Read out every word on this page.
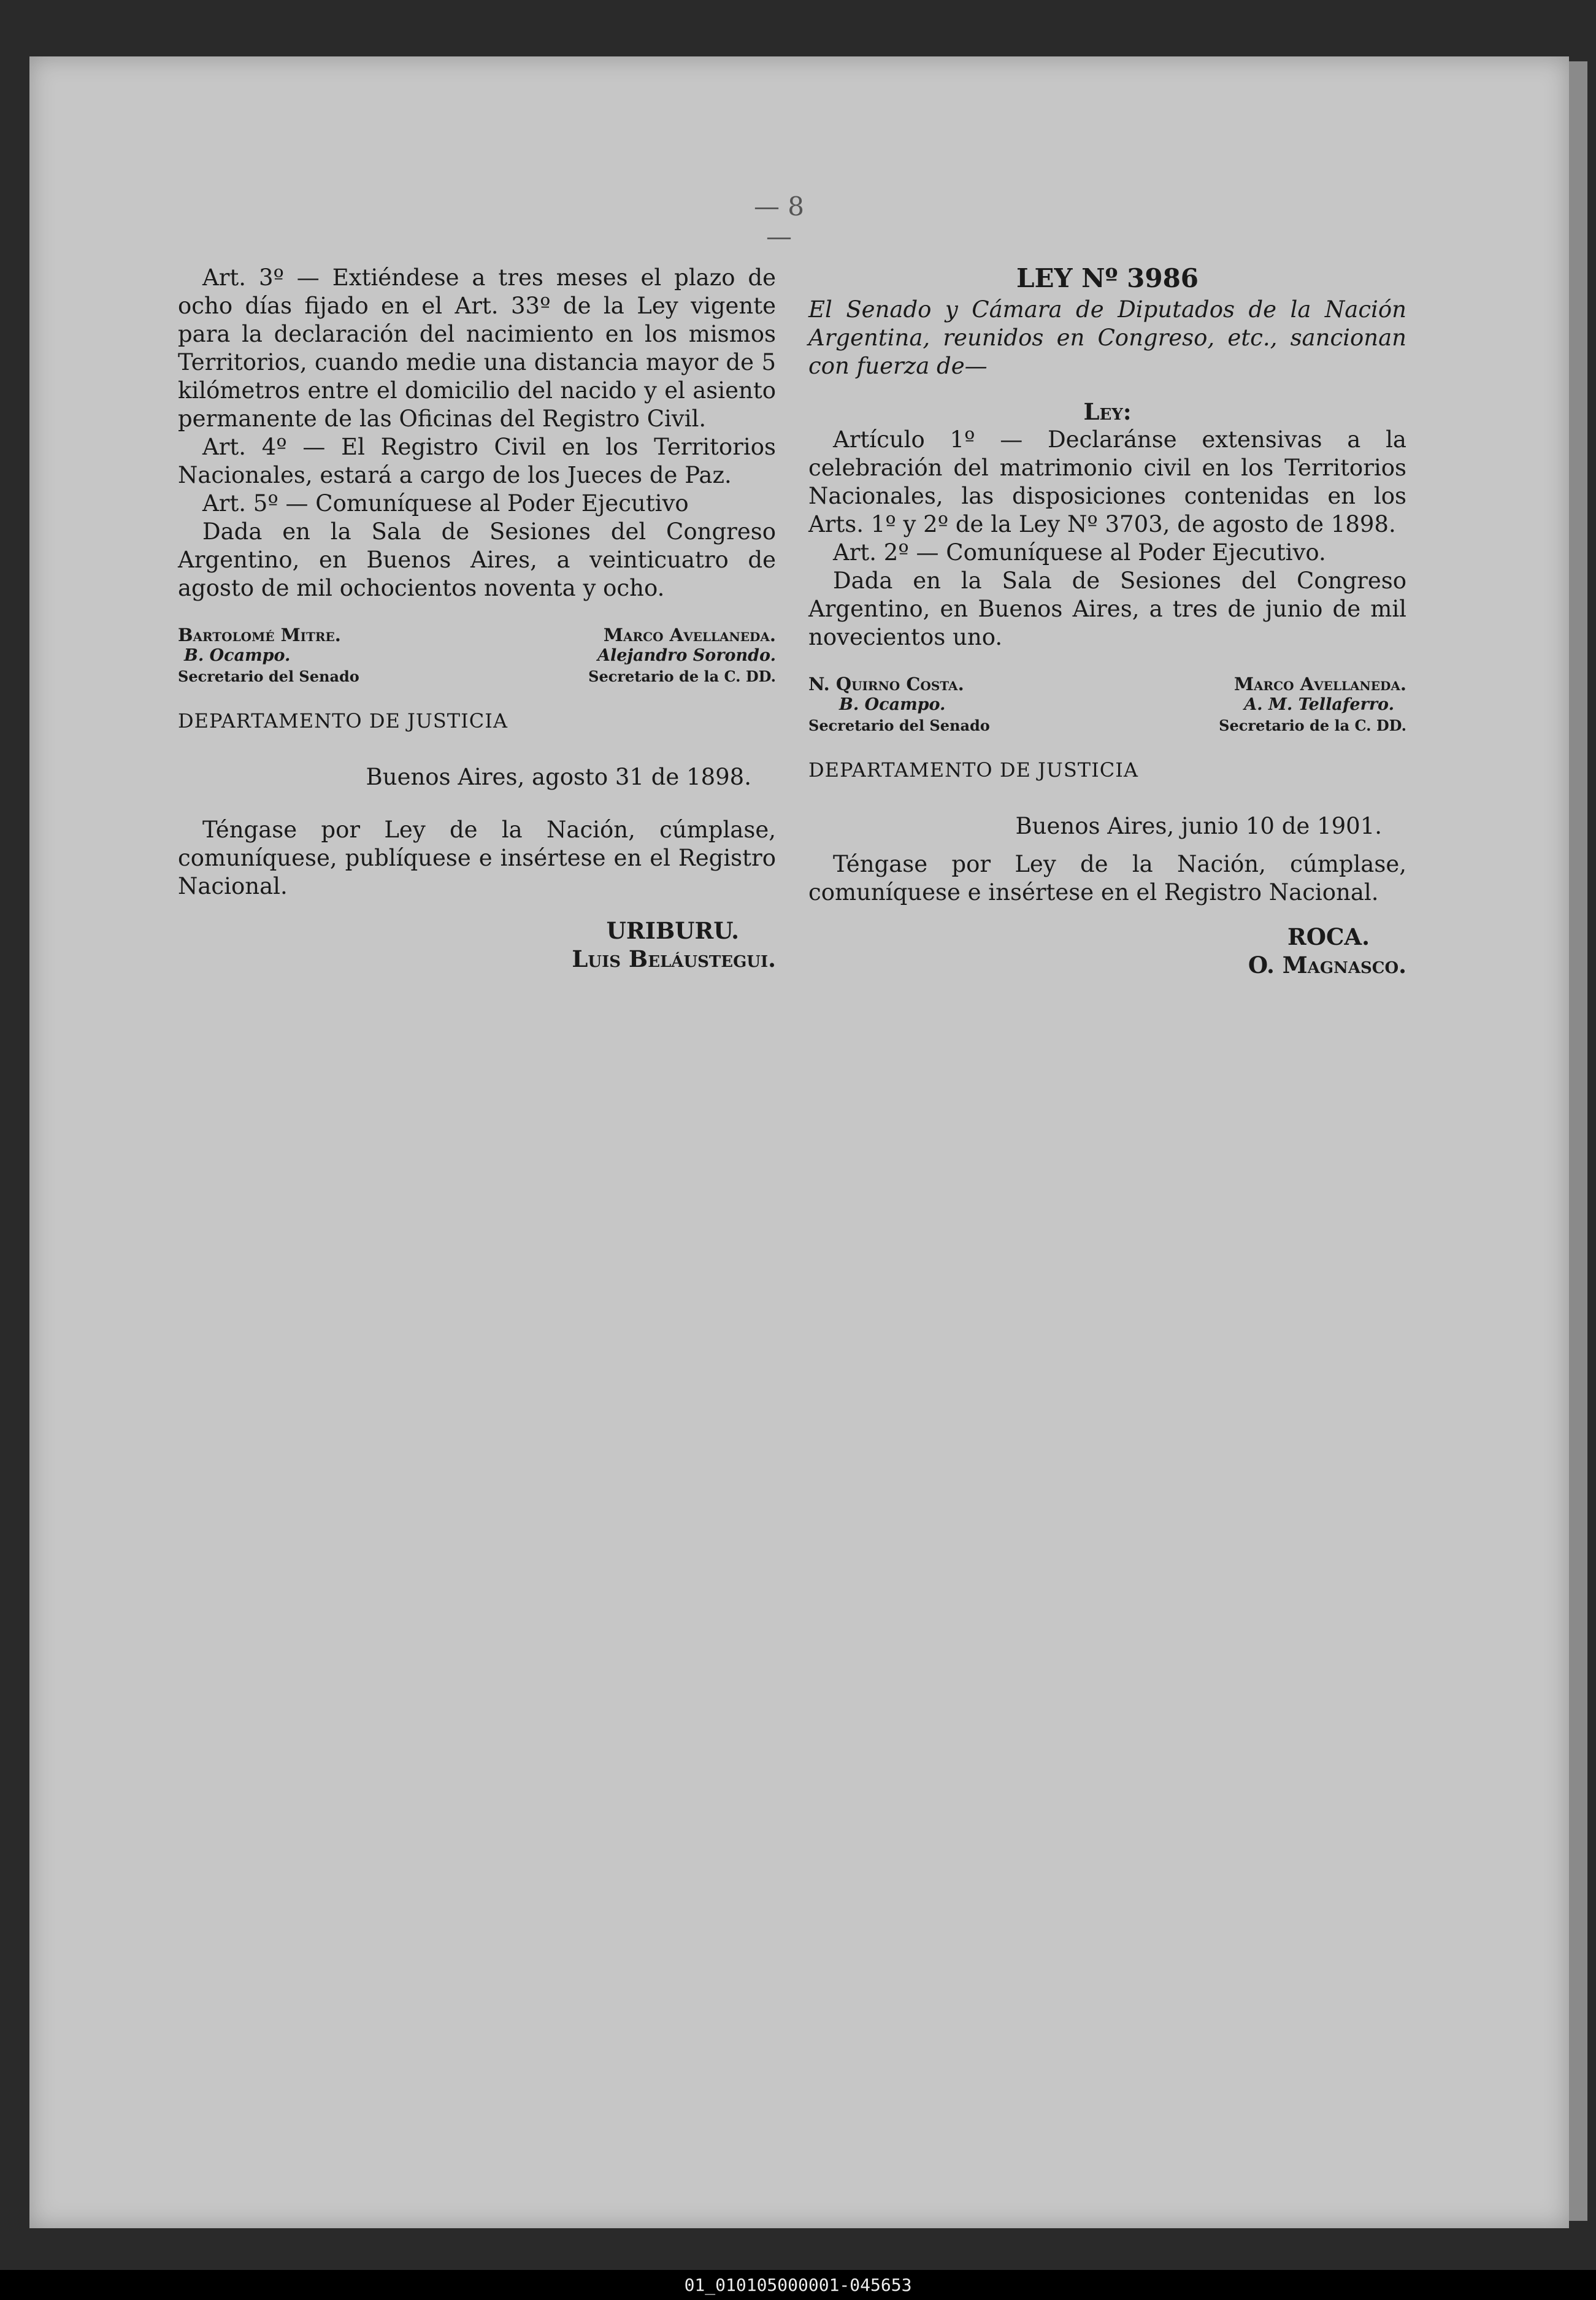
— 8 —

Art. 3º — Extiéndese a tres meses el plazo de ocho días fijado en el Art. 33º de la Ley vigente para la declaración del nacimiento en los mismos Territorios, cuando medie una distancia mayor de 5 kilómetros entre el domicilio del nacido y el asiento permanente de las Oficinas del Registro Civil.

Art. 4º — El Registro Civil en los Territorios Nacionales, estará a cargo de los Jueces de Paz.

Art. 5º — Comuníquese al Poder Ejecutivo

Dada en la Sala de Sesiones del Congreso Argentino, en Buenos Aires, a veinticuatro de agosto de mil ochocientos noventa y ocho.

Bartolomé Mitre.
B. Ocampo.
Secretario del Senado
Marco Avellaneda.
Alejandro Sorondo.
Secretario de la C. DD.

DEPARTAMENTO DE JUSTICIA

Buenos Aires, agosto 31 de 1898.

Téngase por Ley de la Nación, cúmplase, comuníquese, publíquese e insértese en el Registro Nacional.

URIBURU.
Luis Beláustegui.

LEY Nº 3986

El Senado y Cámara de Diputados de la Nación Argentina, reunidos en Congreso, etc., sancionan con fuerza de—

Ley:

Artículo 1º — Declaránse extensivas a la celebración del matrimonio civil en los Territorios Nacionales, las disposiciones contenidas en los Arts. 1º y 2º de la Ley Nº 3703, de agosto de 1898.

Art. 2º — Comuníquese al Poder Ejecutivo.

Dada en la Sala de Sesiones del Congreso Argentino, en Buenos Aires, a tres de junio de mil novecientos uno.

N. Quirno Costa.
B. Ocampo.
Secretario del Senado
Marco Avellaneda.
A. M. Tellaferro.
Secretario de la C. DD.

DEPARTAMENTO DE JUSTICIA

Buenos Aires, junio 10 de 1901.

Téngase por Ley de la Nación, cúmplase, comuníquese e insértese en el Registro Nacional.

ROCA.
O. Magnasco.
01_010105000001-045653
